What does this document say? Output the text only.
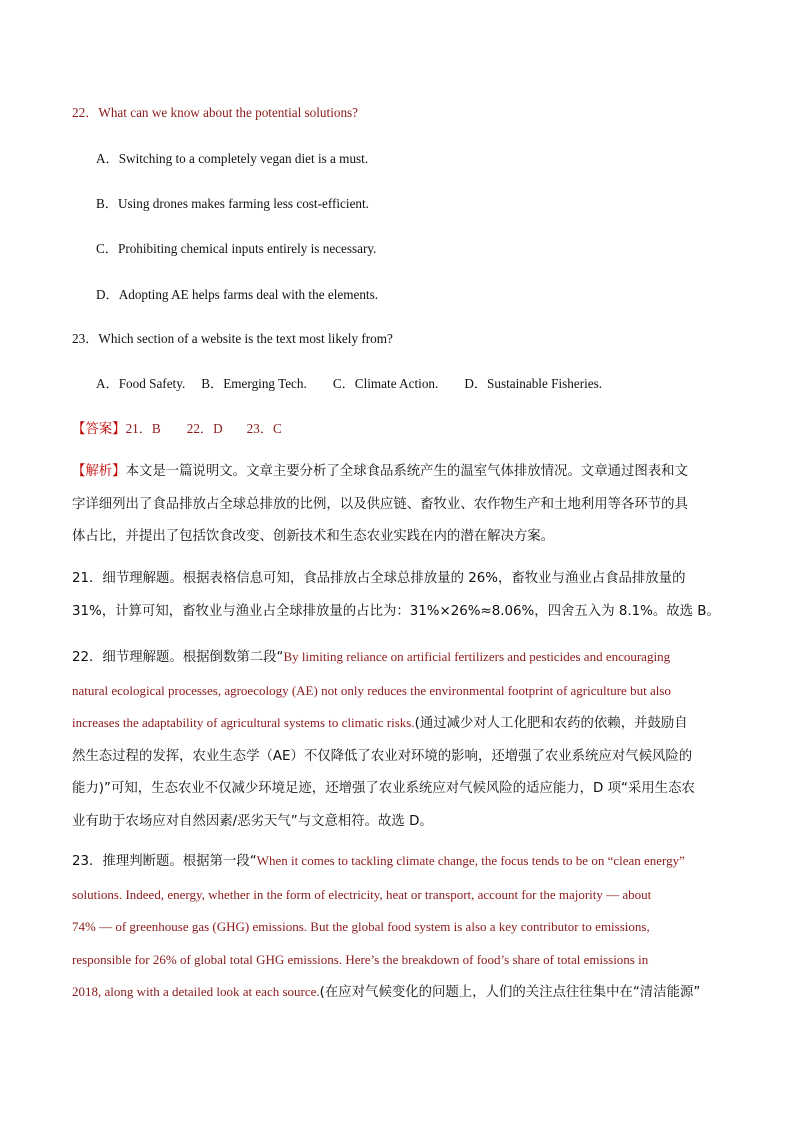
22．What can we know about the potential solutions?
A．Switching to a completely vegan diet is a must.
B．Using drones makes farming less cost-efficient.
C．Prohibiting chemical inputs entirely is necessary.
D．Adopting AE helps farms deal with the elements.
23．Which section of a website is the text most likely from?
A．Food Safety. B．Emerging Tech. C．Climate Action. D．Sustainable Fisheries.
【答案】21．B 22．D 23．C
【解析】本文是一篇说明文。文章主要分析了全球食品系统产生的温室气体排放情况。文章通过图表和文
字详细列出了食品排放占全球总排放的比例，以及供应链、畜牧业、农作物生产和土地利用等各环节的具
体占比，并提出了包括饮食改变、创新技术和生态农业实践在内的潜在解决方案。
21．细节理解题。根据表格信息可知，食品排放占全球总排放量的 26%，畜牧业与渔业占食品排放量的
31%，计算可知，畜牧业与渔业占全球排放量的占比为：31%×26%≈8.06%，四舍五入为 8.1%。故选 B。
22．细节理解题。根据倒数第二段“By limiting reliance on artificial fertilizers and pesticides and encouraging
natural ecological processes, agroecology (AE) not only reduces the environmental footprint of agriculture but also
increases the adaptability of agricultural systems to climatic risks.(通过减少对人工化肥和农药的依赖，并鼓励自
然生态过程的发挥，农业生态学（AE）不仅降低了农业对环境的影响，还增强了农业系统应对气候风险的
能力)”可知，生态农业不仅减少环境足迹，还增强了农业系统应对气候风险的适应能力，D 项“采用生态农
业有助于农场应对自然因素/恶劣天气”与文意相符。故选 D。
23．推理判断题。根据第一段“When it comes to tackling climate change, the focus tends to be on “clean energy”
solutions. Indeed, energy, whether in the form of electricity, heat or transport, account for the majority — about
74% — of greenhouse gas (GHG) emissions. But the global food system is also a key contributor to emissions,
responsible for 26% of global total GHG emissions. Here’s the breakdown of food’s share of total emissions in
2018, along with a detailed look at each source.(在应对气候变化的问题上，人们的关注点往往集中在“清洁能源”
